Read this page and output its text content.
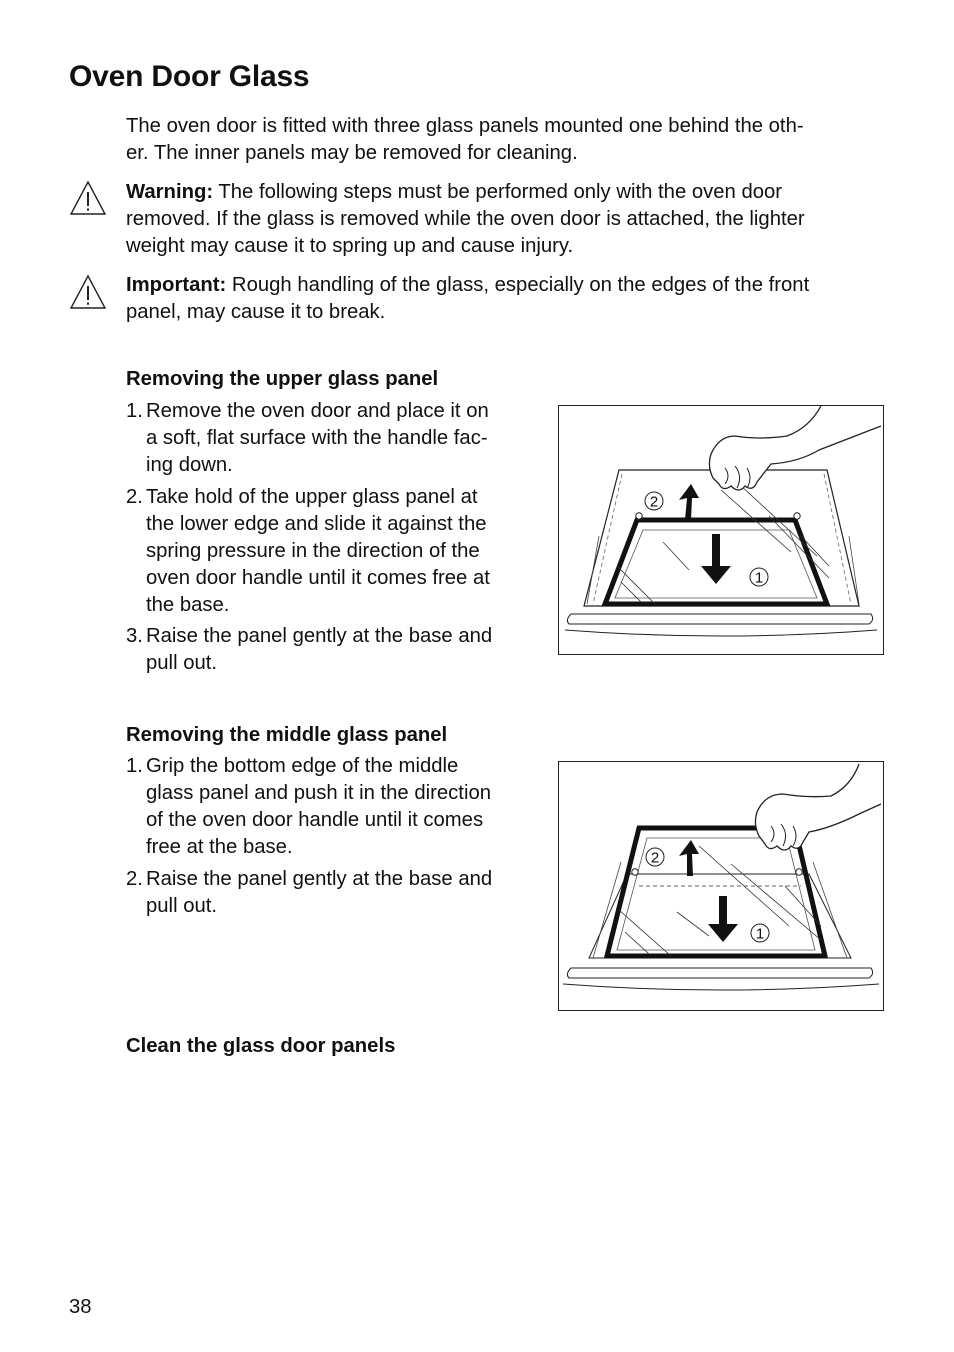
Oven Door Glass
The oven door is fitted with three glass panels mounted one behind the oth-
er. The inner panels may be removed for cleaning.
Warning: The following steps must be performed only with the oven door
removed. If the glass is removed while the oven door is attached, the lighter
weight may cause it to spring up and cause injury.
Important: Rough handling of the glass, especially on the edges of the front
panel, may cause it to break.
Removing the upper glass panel
1. Remove the oven door and place it on
a soft, flat surface with the handle fac-
ing down.
2. Take hold of the upper glass panel at
the lower edge and slide it against the
spring pressure in the direction of the
oven door handle until it comes free at
the base.
3. Raise the panel gently at the base and
pull out.
2
1
Removing the middle glass panel
1. Grip the bottom edge of the middle
glass panel and push it in the direction
of the oven door handle until it comes
free at the base.
2. Raise the panel gently at the base and
pull out.
2
1
Clean the glass door panels
38
